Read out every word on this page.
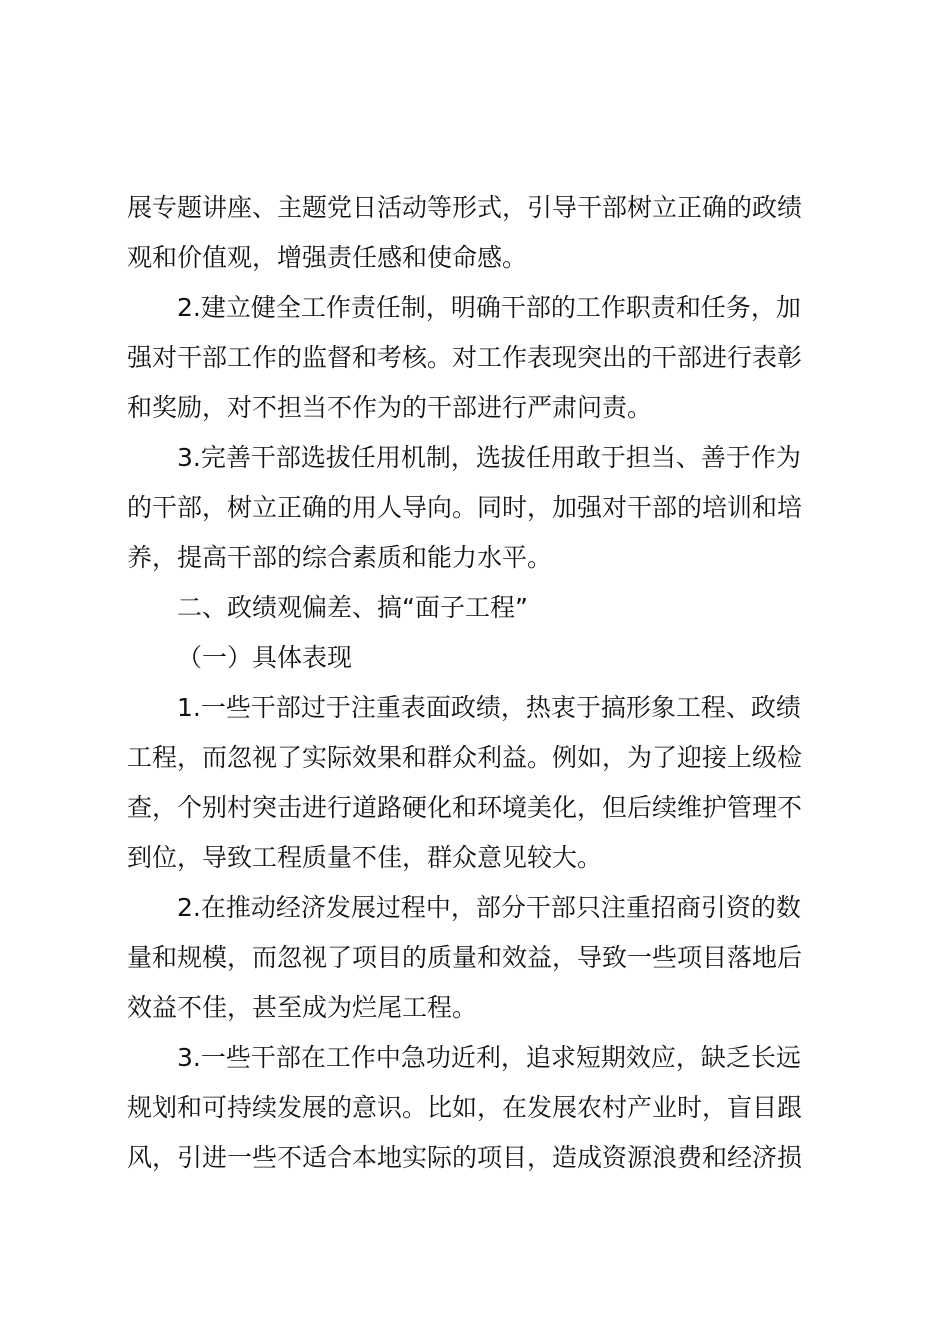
展专题讲座、主题党日活动等形式，引导干部树立正确的政绩
观和价值观，增强责任感和使命感。
2.建立健全工作责任制，明确干部的工作职责和任务，加
强对干部工作的监督和考核。对工作表现突出的干部进行表彰
和奖励，对不担当不作为的干部进行严肃问责。
3.完善干部选拔任用机制，选拔任用敢于担当、善于作为
的干部，树立正确的用人导向。同时，加强对干部的培训和培
养，提高干部的综合素质和能力水平。
二、政绩观偏差、搞“面子工程”
（一）具体表现
1.一些干部过于注重表面政绩，热衷于搞形象工程、政绩
工程，而忽视了实际效果和群众利益。例如，为了迎接上级检
查，个别村突击进行道路硬化和环境美化，但后续维护管理不
到位，导致工程质量不佳，群众意见较大。
2.在推动经济发展过程中，部分干部只注重招商引资的数
量和规模，而忽视了项目的质量和效益，导致一些项目落地后
效益不佳，甚至成为烂尾工程。
3.一些干部在工作中急功近利，追求短期效应，缺乏长远
规划和可持续发展的意识。比如，在发展农村产业时，盲目跟
风，引进一些不适合本地实际的项目，造成资源浪费和经济损
